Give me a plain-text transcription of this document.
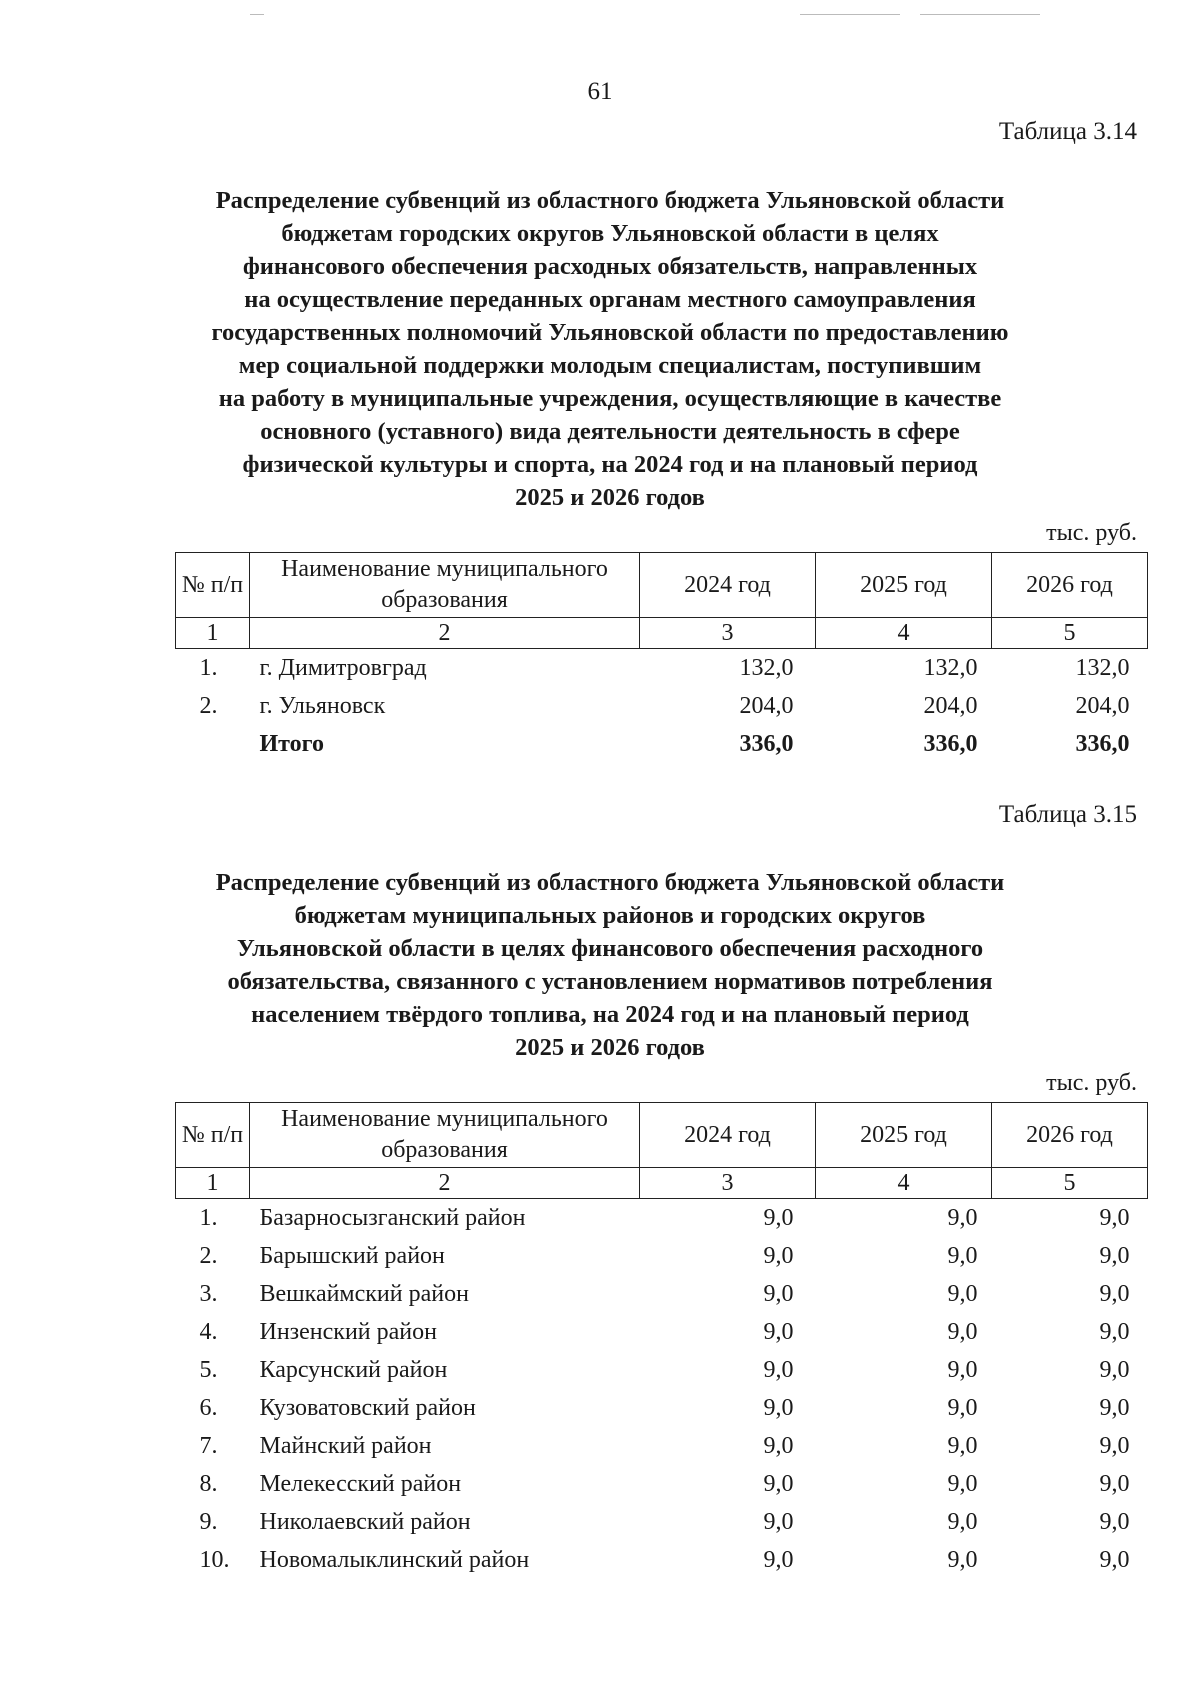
61
Таблица 3.14
Распределение субвенций из областного бюджета Ульяновской области
бюджетам городских округов Ульяновской области в целях
финансового обеспечения расходных обязательств, направленных
на осуществление переданных органам местного самоуправления
государственных полномочий Ульяновской области по предоставлению
мер социальной поддержки молодым специалистам, поступившим
на работу в муниципальные учреждения, осуществляющие в качестве
основного (уставного) вида деятельности деятельность в сфере
физической культуры и спорта, на 2024 год и на плановый период
2025 и 2026 годов
тыс. руб.
№ п/п	Наименование муниципального образования	2024 год	2025 год	2026 год
1	2	3	4	5
1.	г. Димитровград	132,0	132,0	132,0
2.	г. Ульяновск	204,0	204,0	204,0
	Итого	336,0	336,0	336,0
Таблица 3.15
Распределение субвенций из областного бюджета Ульяновской области
бюджетам муниципальных районов и городских округов
Ульяновской области в целях финансового обеспечения расходного
обязательства, связанного с установлением нормативов потребления
населением твёрдого топлива, на 2024 год и на плановый период
2025 и 2026 годов
тыс. руб.
№ п/п	Наименование муниципального образования	2024 год	2025 год	2026 год
1	2	3	4	5
1.	Базарносызганский район	9,0	9,0	9,0
2.	Барышский район	9,0	9,0	9,0
3.	Вешкаймский район	9,0	9,0	9,0
4.	Инзенский район	9,0	9,0	9,0
5.	Карсунский район	9,0	9,0	9,0
6.	Кузоватовский район	9,0	9,0	9,0
7.	Майнский район	9,0	9,0	9,0
8.	Мелекесский район	9,0	9,0	9,0
9.	Николаевский район	9,0	9,0	9,0
10.	Новомалыклинский район	9,0	9,0	9,0
